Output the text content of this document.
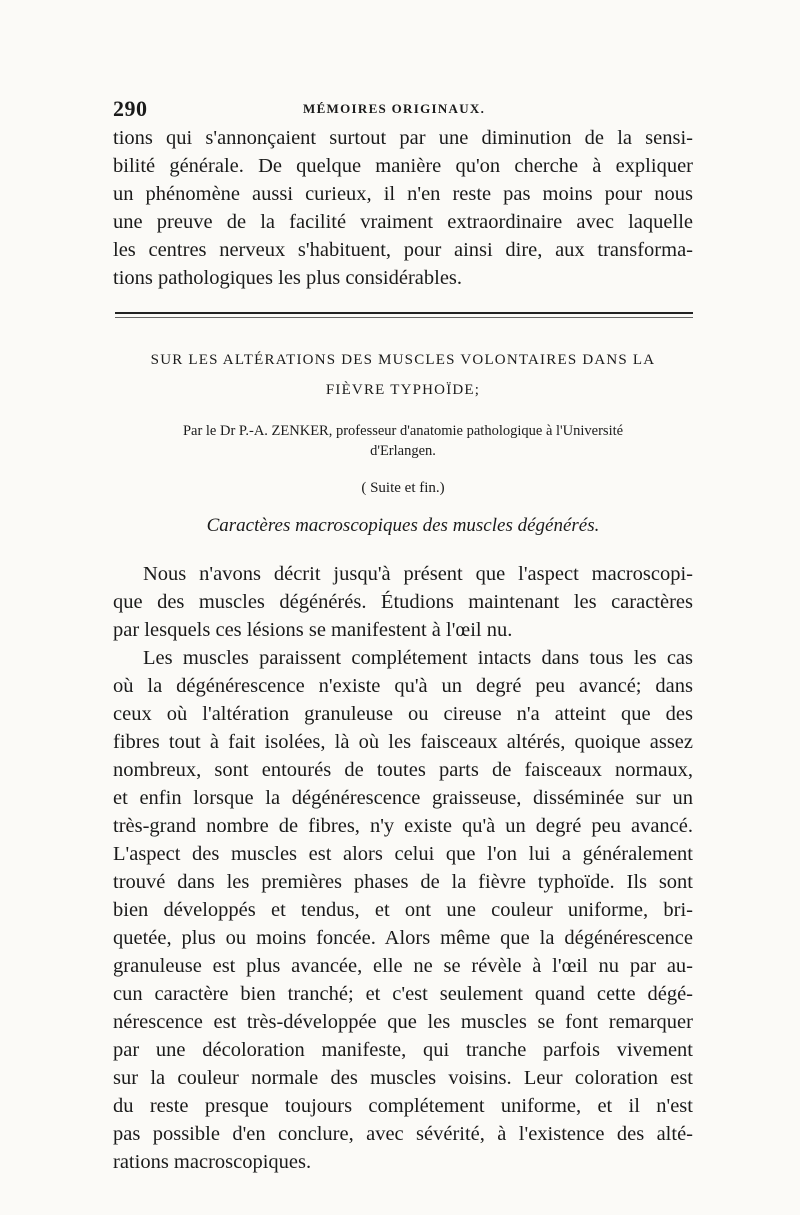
290	MÉMOIRES ORIGINAUX.
tions qui s'annonçaient surtout par une diminution de la sensi-
bilité générale. De quelque manière qu'on cherche à expliquer
un phénomène aussi curieux, il n'en reste pas moins pour nous
une preuve de la facilité vraiment extraordinaire avec laquelle
les centres nerveux s'habituent, pour ainsi dire, aux transforma-
tions pathologiques les plus considérables.
SUR LES ALTÉRATIONS DES MUSCLES VOLONTAIRES DANS LA
FIÈVRE TYPHOÏDE;
Par le Dr P.-A. ZENKER, professeur d'anatomie pathologique à l'Université
d'Erlangen.
( Suite et fin.)
Caractères macroscopiques des muscles dégénérés.
Nous n'avons décrit jusqu'à présent que l'aspect macroscopi-
que des muscles dégénérés. Étudions maintenant les caractères
par lesquels ces lésions se manifestent à l'œil nu.
Les muscles paraissent complétement intacts dans tous les cas
où la dégénérescence n'existe qu'à un degré peu avancé; dans
ceux où l'altération granuleuse ou cireuse n'a atteint que des
fibres tout à fait isolées, là où les faisceaux altérés, quoique assez
nombreux, sont entourés de toutes parts de faisceaux normaux,
et enfin lorsque la dégénérescence graisseuse, disséminée sur un
très-grand nombre de fibres, n'y existe qu'à un degré peu avancé.
L'aspect des muscles est alors celui que l'on lui a généralement
trouvé dans les premières phases de la fièvre typhoïde. Ils sont
bien développés et tendus, et ont une couleur uniforme, bri-
quetée, plus ou moins foncée. Alors même que la dégénérescence
granuleuse est plus avancée, elle ne se révèle à l'œil nu par au-
cun caractère bien tranché; et c'est seulement quand cette dégé-
nérescence est très-développée que les muscles se font remarquer
par une décoloration manifeste, qui tranche parfois vivement
sur la couleur normale des muscles voisins. Leur coloration est
du reste presque toujours complétement uniforme, et il n'est
pas possible d'en conclure, avec sévérité, à l'existence des alté-
rations macroscopiques.
